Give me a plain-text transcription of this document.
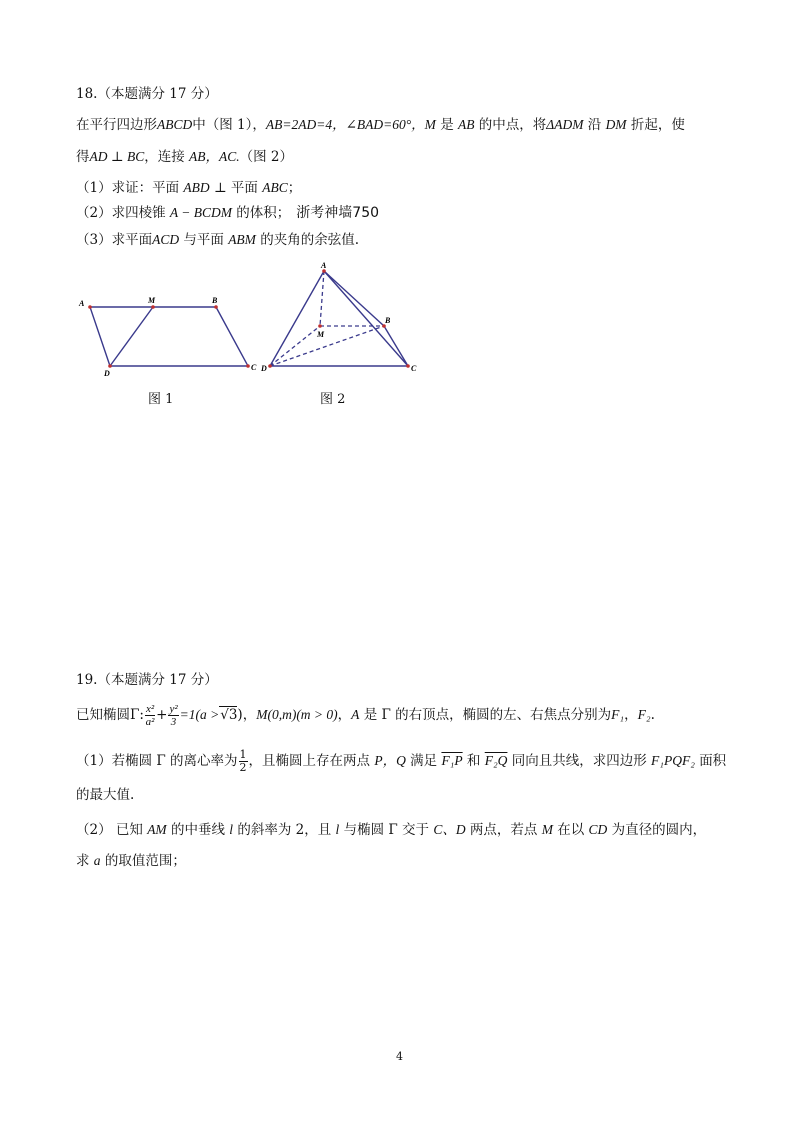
18.（本题满分 17 分）
在平行四边形ABCD中（图 1），AB=2AD=4，∠BAD=60°，M 是 AB 的中点，将ΔADM 沿 DM 折起，使
得AD ⊥ BC，连接 AB，AC.（图 2）
（1）求证：平面 ABD ⊥ 平面 ABC；
（2）求四棱锥 A − BCDM 的体积； 浙考神墙750
（3）求平面ACD 与平面 ABM 的夹角的余弦值.
A	M	B
D
C
图 1
A
M
B
D	C
图 2
19.（本题满分 17 分）
已知椭圆Γ: $\frac{\text{x²}}{\text{a²}} + \frac{\text{y²}}{3} =1(a >√3)$，M(0,m)(m > 0)，A 是 Γ 的右顶点，椭圆的左、右焦点分别为F₁，F₂.
（1）若椭圆 Γ 的离心率为 $\frac{1}{2}$ ，且椭圆上存在两点 P，Q 满足 F₁P 和 F₂Q 同向且共线，求四边形 F₁PQF₂ 面积
的最大值.
（2） 已知 AM 的中垂线 l 的斜率为 2，且 l 与椭圆 Γ 交于 C、D 两点，若点 M 在以 CD 为直径的圆内，
求 a 的取值范围；
4
